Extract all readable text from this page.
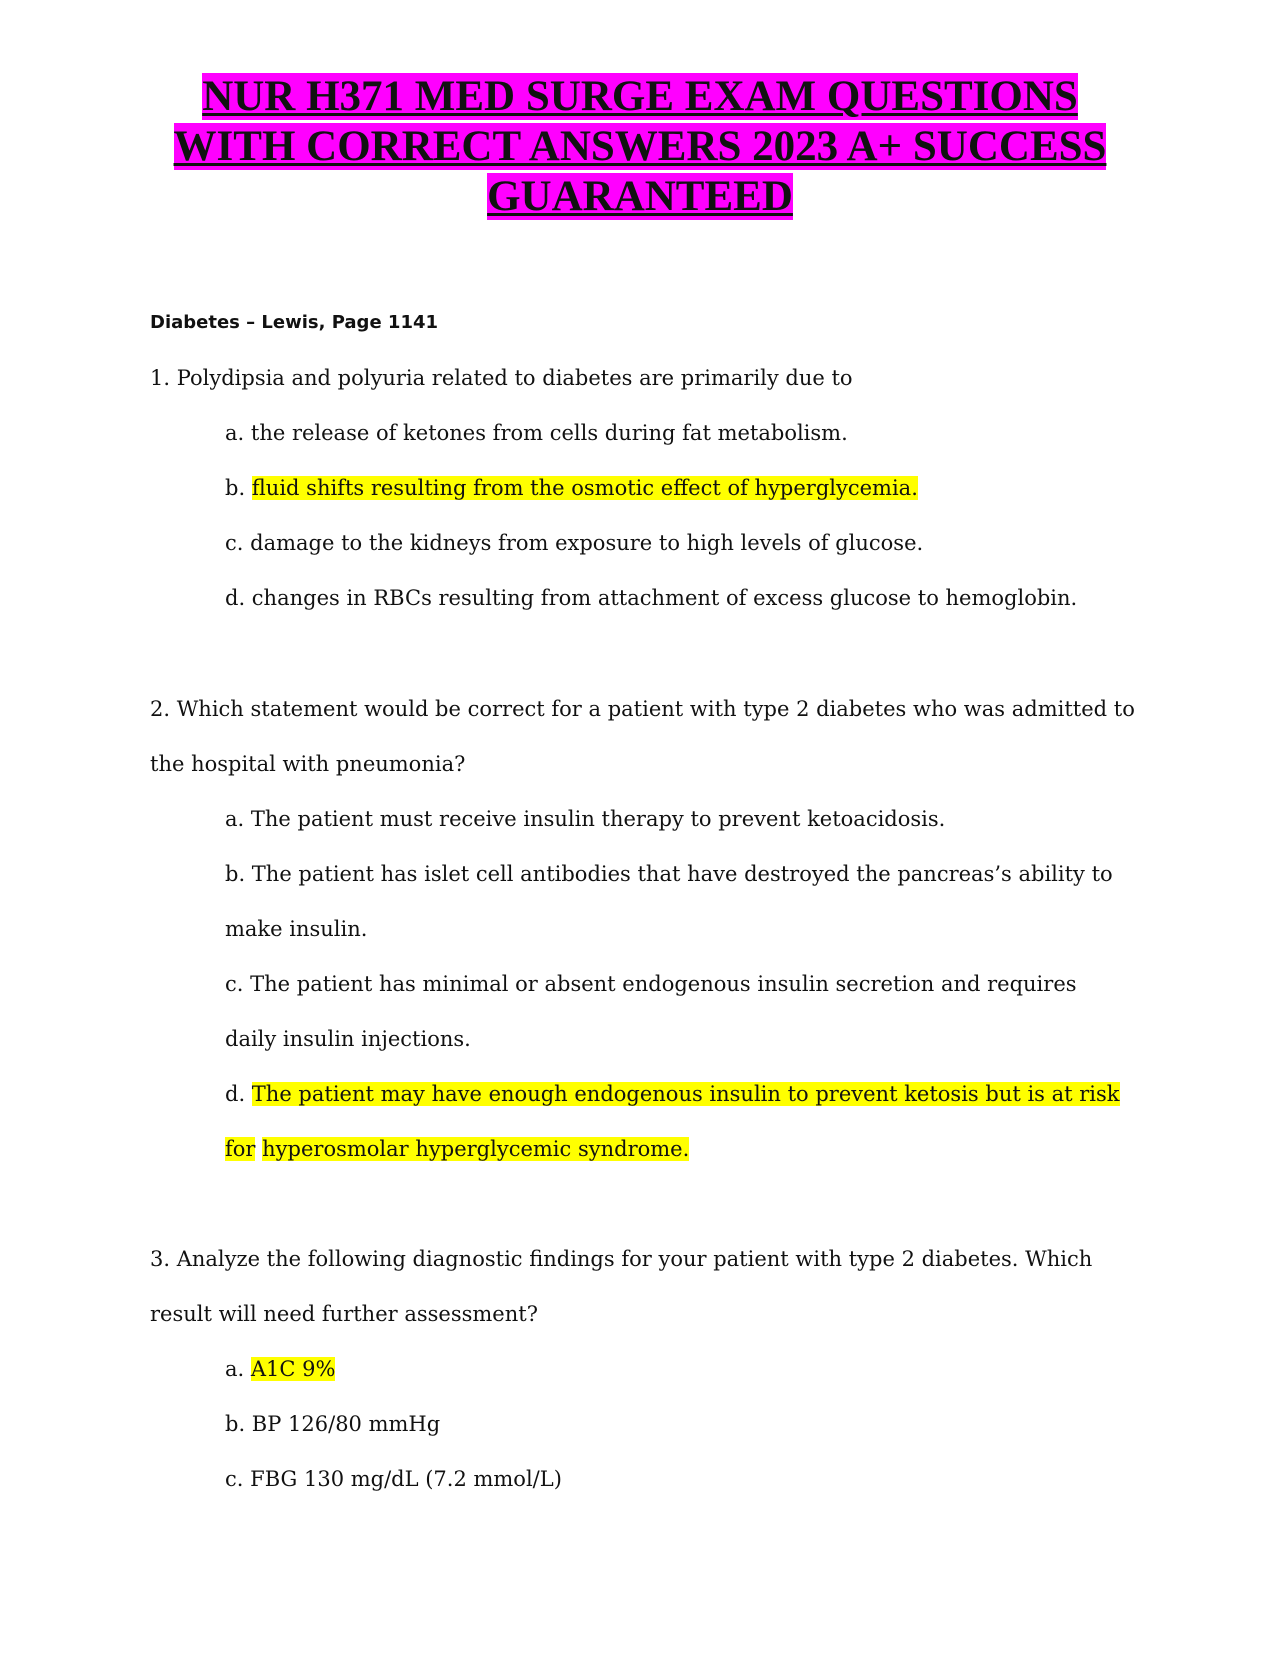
NUR H371 MED SURGE EXAM QUESTIONS
WITH CORRECT ANSWERS 2023 A+ SUCCESS
GUARANTEED
Diabetes – Lewis, Page 1141
1. Polydipsia and polyuria related to diabetes are primarily due to
a. the release of ketones from cells during fat metabolism.
b. fluid shifts resulting from the osmotic effect of hyperglycemia.
c. damage to the kidneys from exposure to high levels of glucose.
d. changes in RBCs resulting from attachment of excess glucose to hemoglobin.
2. Which statement would be correct for a patient with type 2 diabetes who was admitted to
the hospital with pneumonia?
a. The patient must receive insulin therapy to prevent ketoacidosis.
b. The patient has islet cell antibodies that have destroyed the pancreas’s ability to
make insulin.
c. The patient has minimal or absent endogenous insulin secretion and requires
daily insulin injections.
d. The patient may have enough endogenous insulin to prevent ketosis but is at risk
for hyperosmolar hyperglycemic syndrome.
3. Analyze the following diagnostic findings for your patient with type 2 diabetes. Which
result will need further assessment?
a. A1C 9%
b. BP 126/80 mmHg
c. FBG 130 mg/dL (7.2 mmol/L)
